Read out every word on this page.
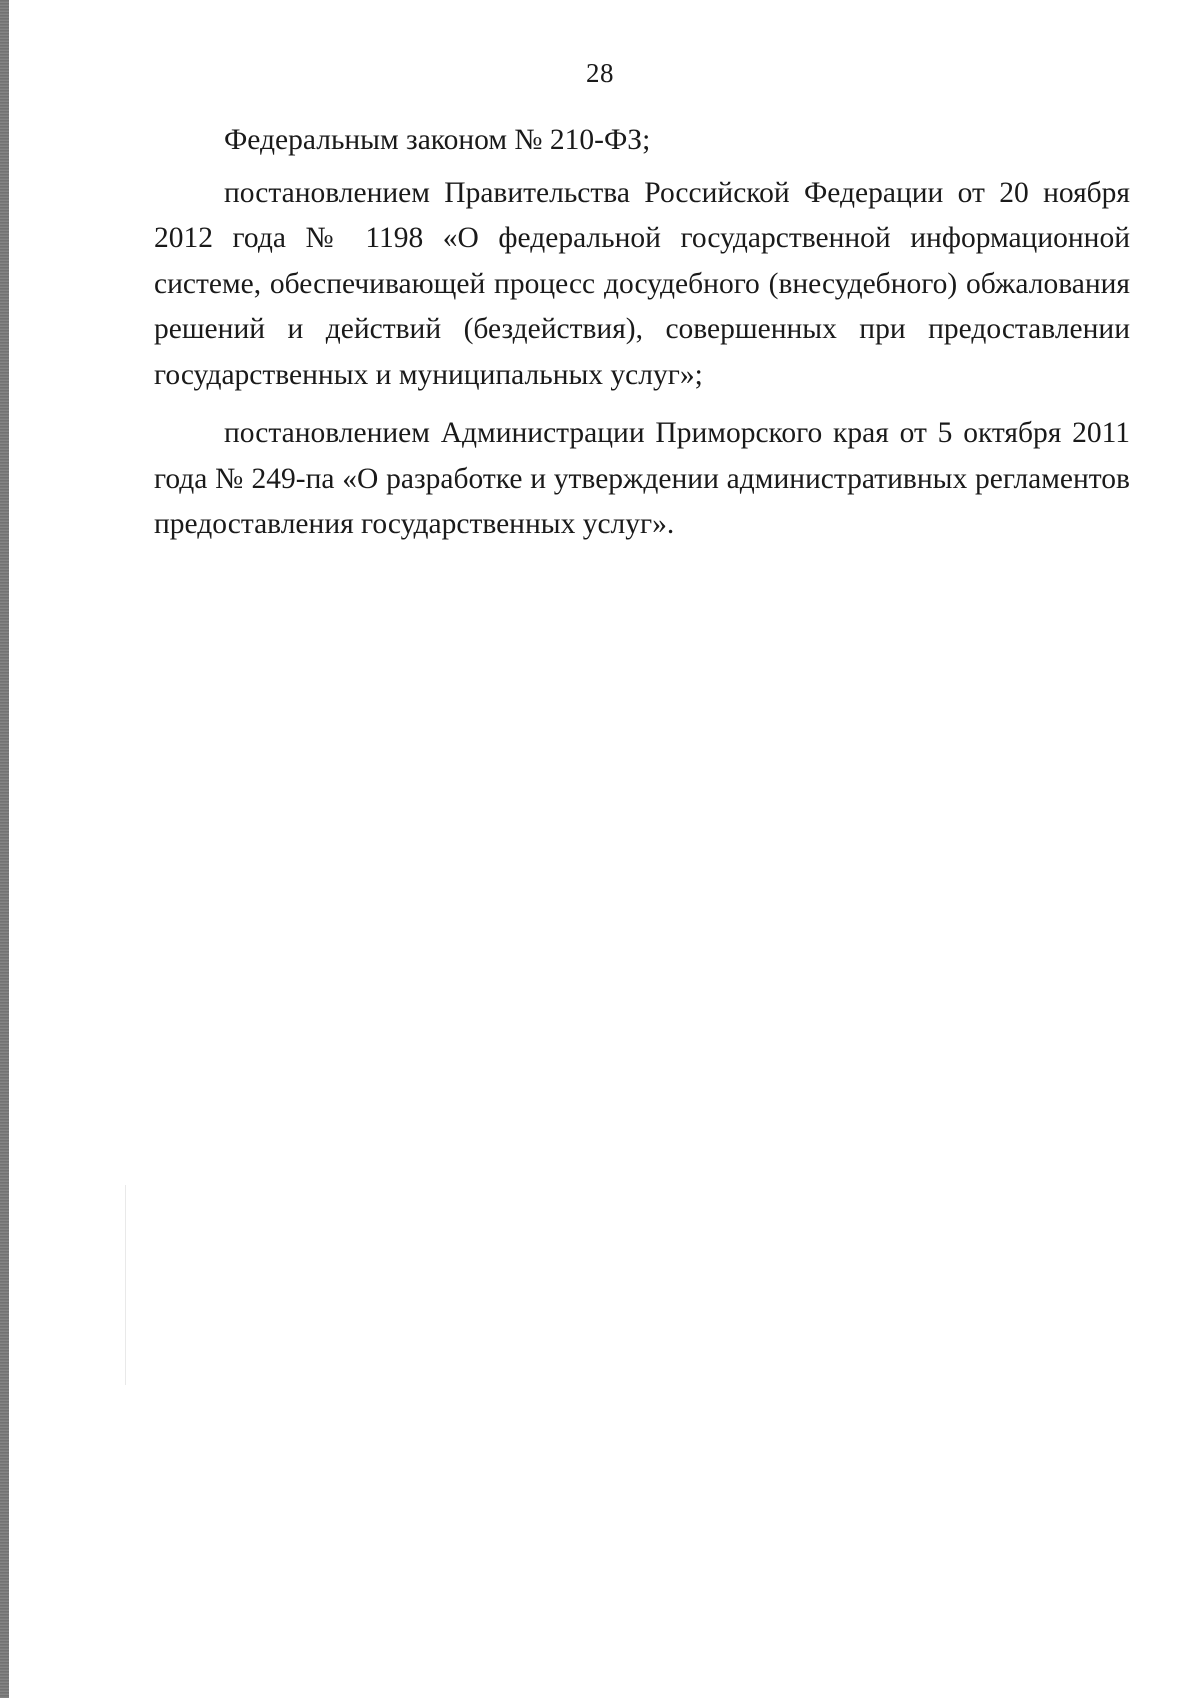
28

Федеральным законом № 210-ФЗ;

постановлением Правительства Российской Федерации от 20 ноября 2012 года № 1198 «О федеральной государственной информационной системе, обеспечивающей процесс досудебного (внесудебного) обжалования решений и действий (бездействия), совершенных при предоставлении государственных и муниципальных услуг»;

постановлением Администрации Приморского края от 5 октября 2011 года № 249-па «О разработке и утверждении административных регламентов предоставления государственных услуг».
